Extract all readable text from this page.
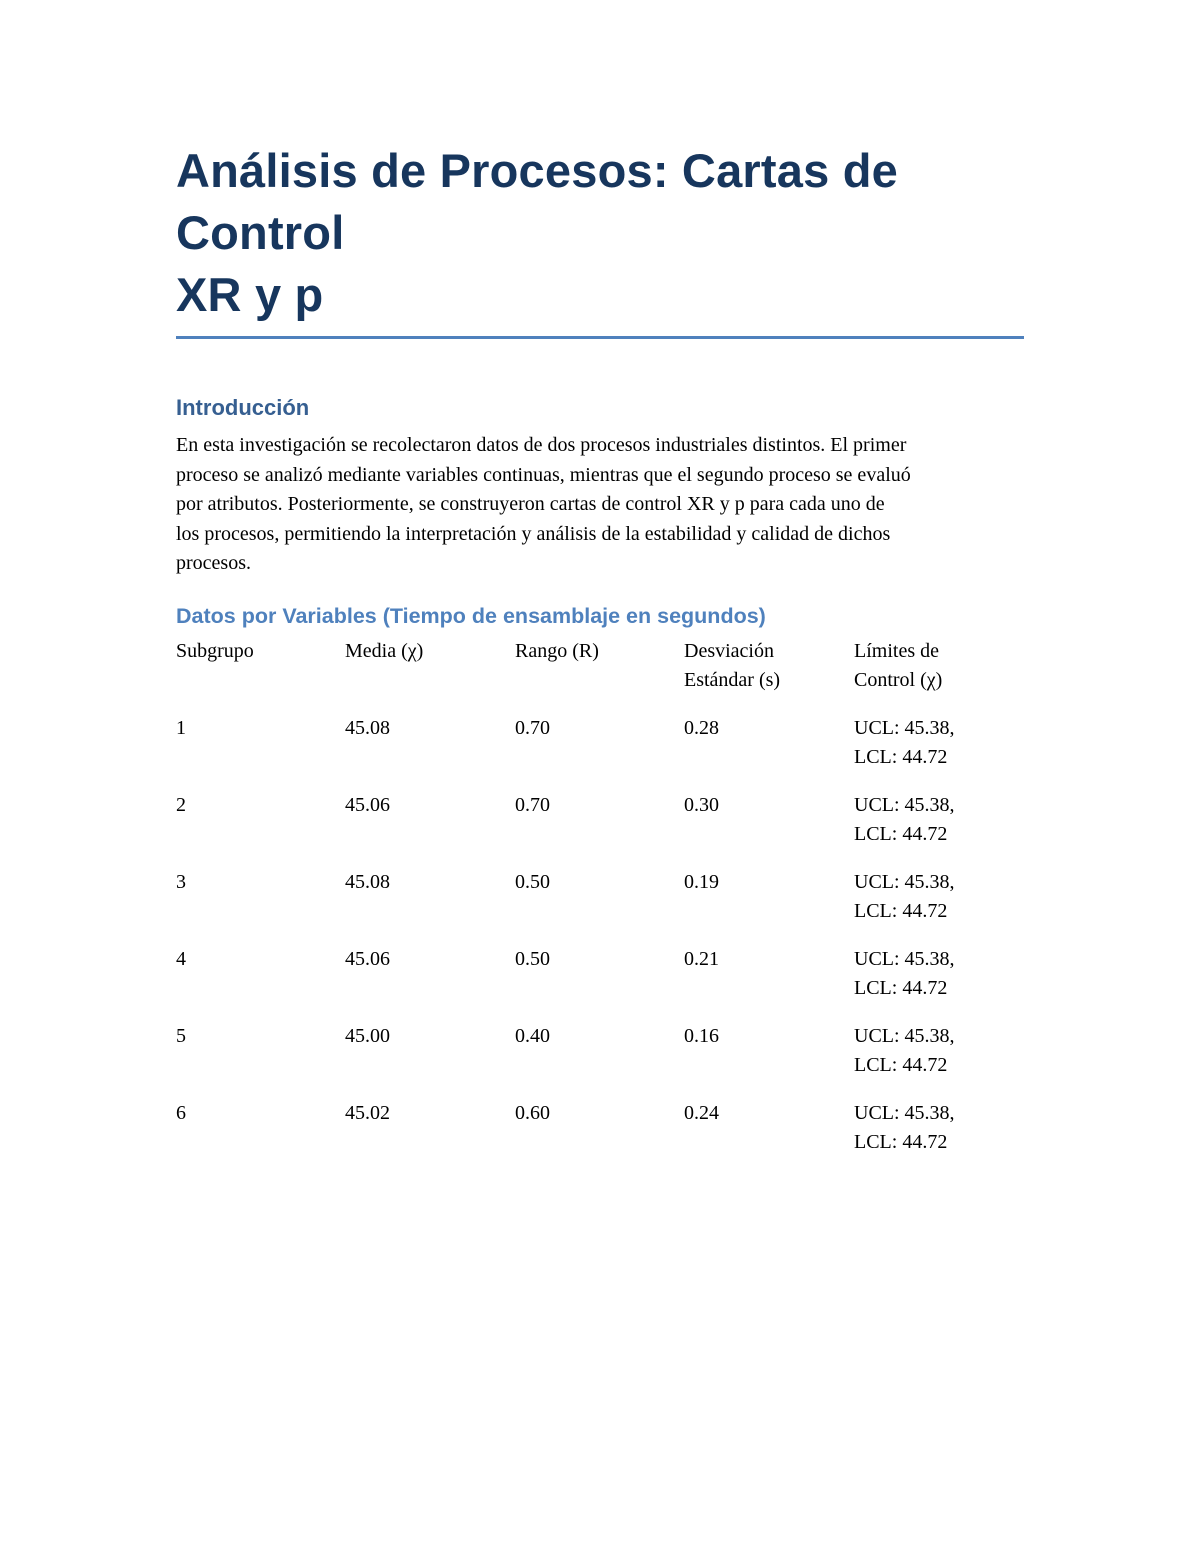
Análisis de Procesos: Cartas de Control
XR y p
Introducción

En esta investigación se recolectaron datos de dos procesos industriales distintos. El primer
proceso se analizó mediante variables continuas, mientras que el segundo proceso se evaluó
por atributos. Posteriormente, se construyeron cartas de control XR y p para cada uno de
los procesos, permitiendo la interpretación y análisis de la estabilidad y calidad de dichos
procesos.

Datos por Variables (Tiempo de ensamblaje en segundos)
Subgrupo	Media (χ)	Rango (R)	Desviación
Estándar (s)	Límites de
Control (χ)

1	45.08	0.70	0.28	UCL: 45.38,
LCL: 44.72

2	45.06	0.70	0.30	UCL: 45.38,
LCL: 44.72

3	45.08	0.50	0.19	UCL: 45.38,
LCL: 44.72

4	45.06	0.50	0.21	UCL: 45.38,
LCL: 44.72

5	45.00	0.40	0.16	UCL: 45.38,
LCL: 44.72

6	45.02	0.60	0.24	UCL: 45.38,
LCL: 44.72
